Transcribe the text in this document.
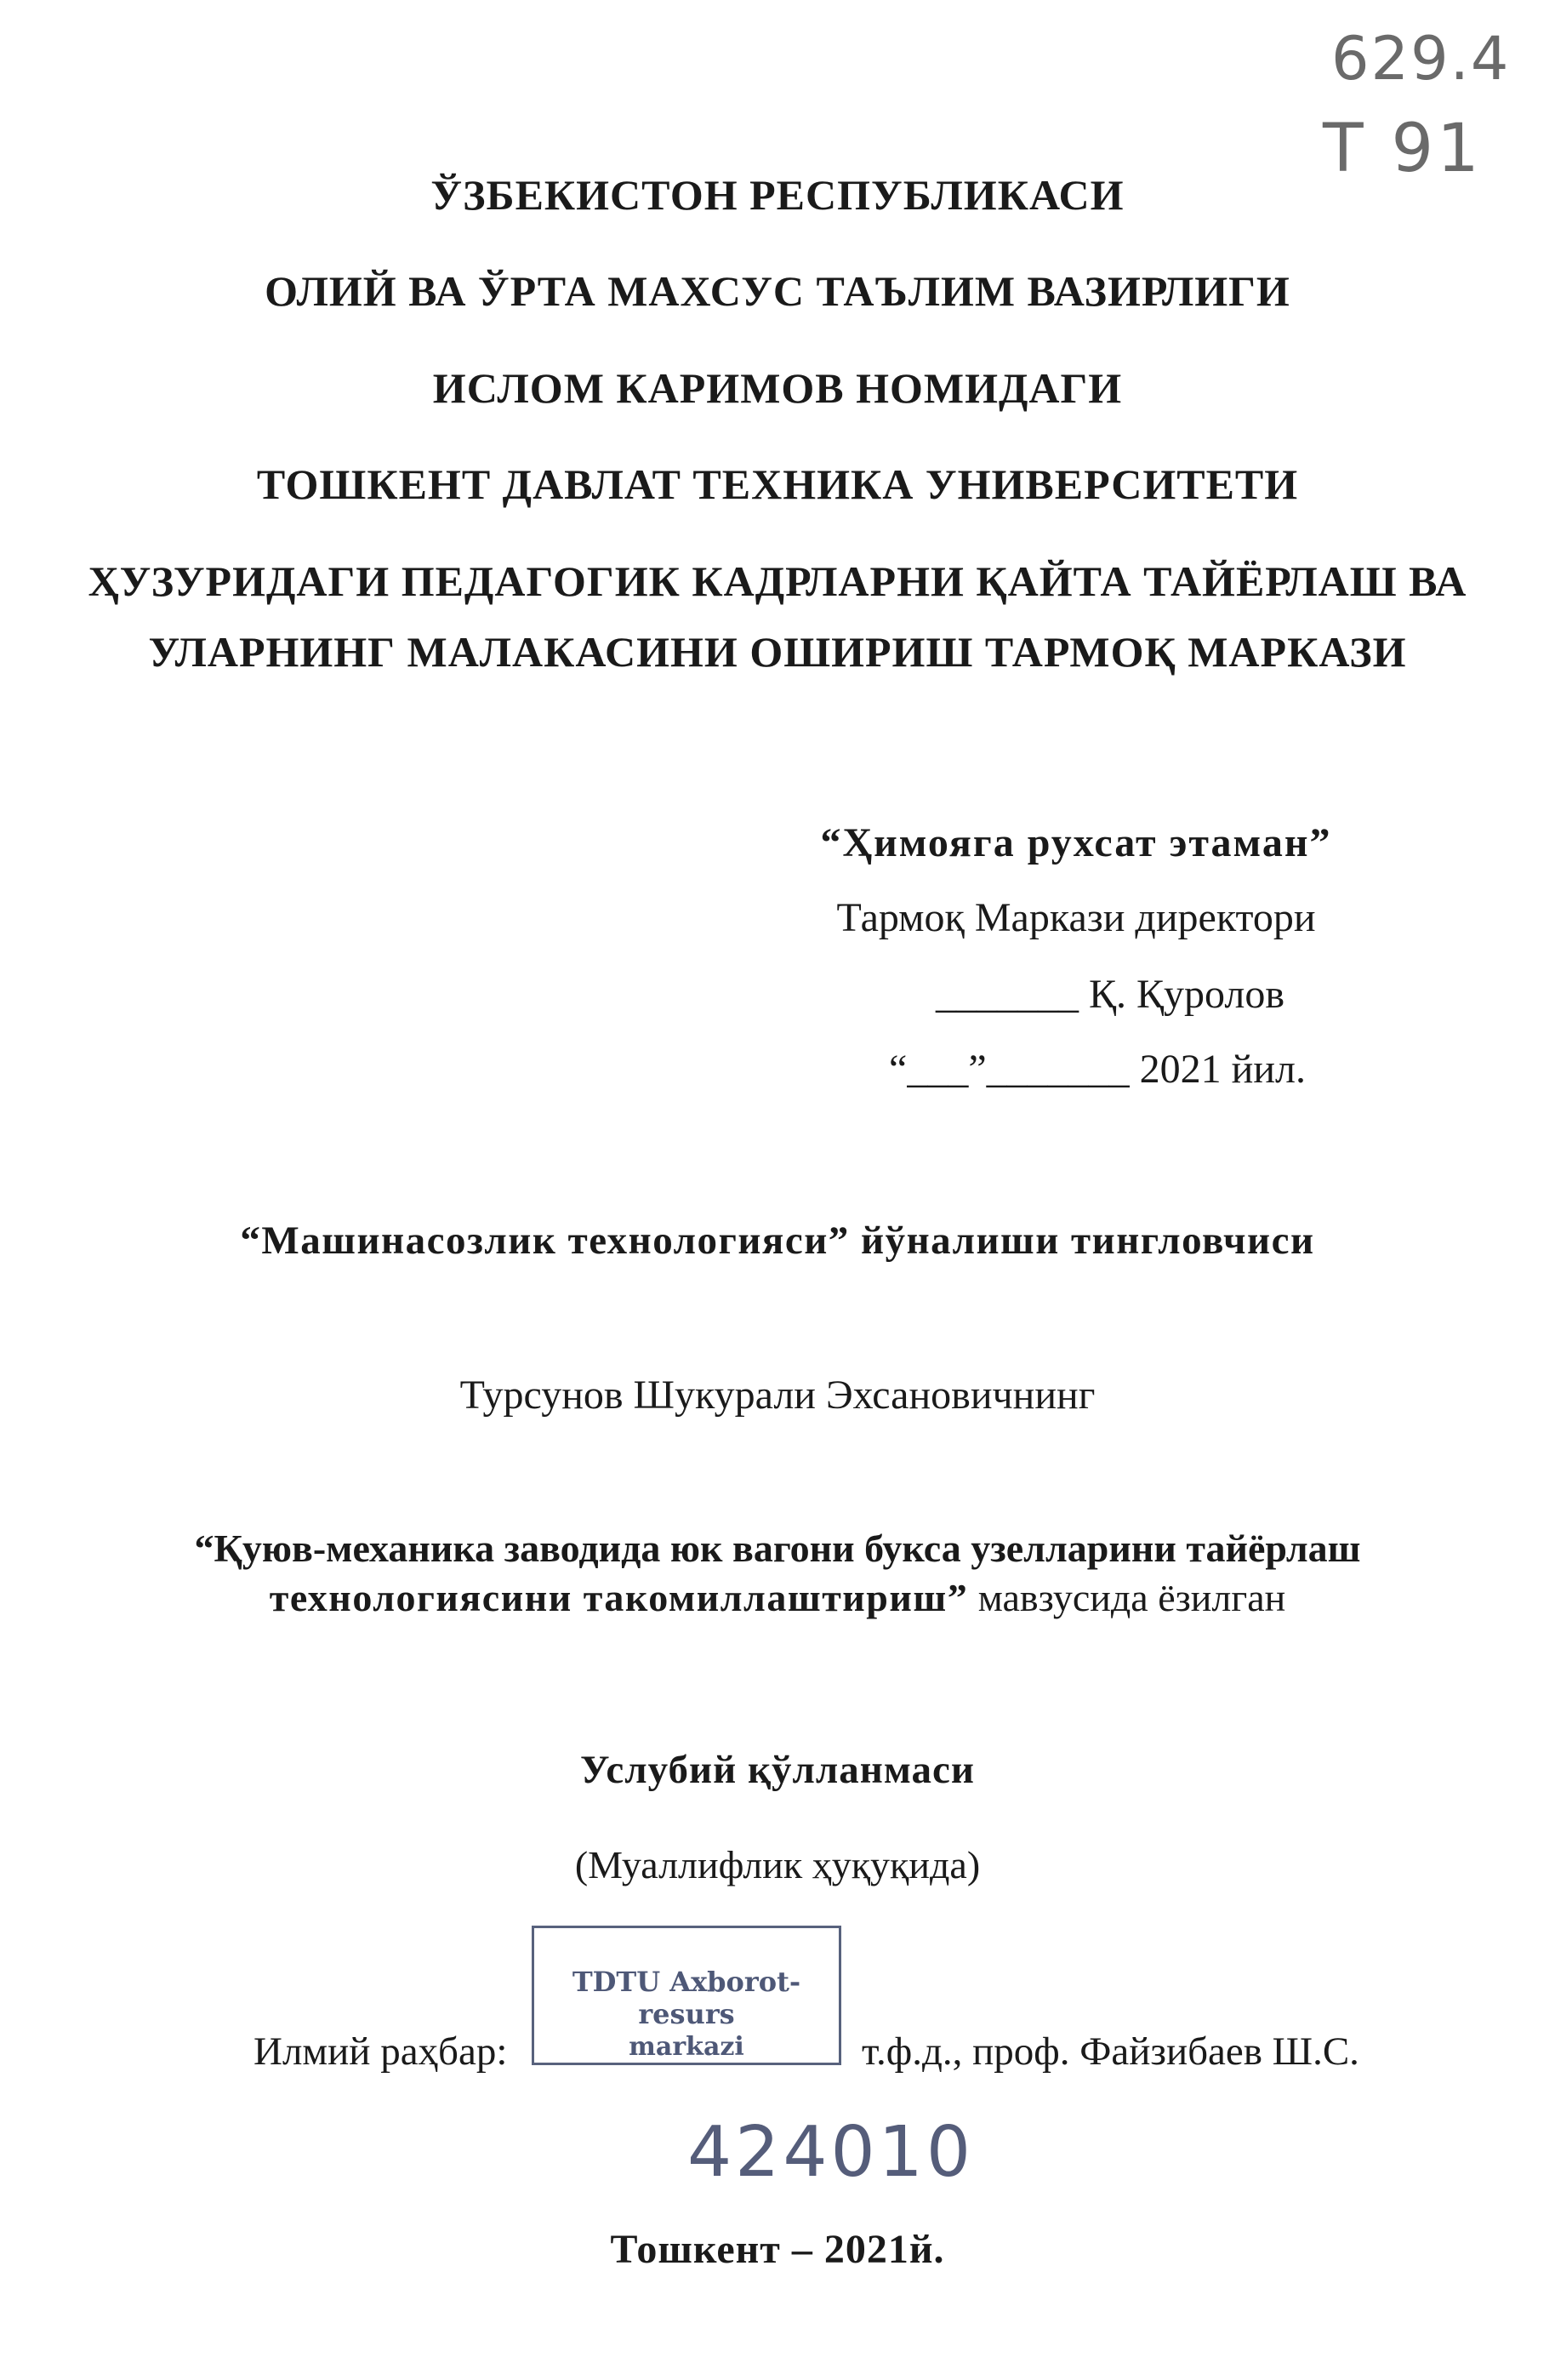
629.4
Т 91
ЎЗБЕКИСТОН РЕСПУБЛИКАСИ
ОЛИЙ ВА ЎРТА МАХСУС ТАЪЛИМ ВАЗИРЛИГИ
ИСЛОМ КАРИМОВ НОМИДАГИ
ТОШКЕНТ ДАВЛАТ ТЕХНИКА УНИВЕРСИТЕТИ
ҲУЗУРИДАГИ ПЕДАГОГИК КАДРЛАРНИ ҚАЙТА ТАЙЁРЛАШ ВА
УЛАРНИНГ МАЛАКАСИНИ ОШИРИШ ТАРМОҚ МАРКАЗИ
“Ҳимояга рухсат этаман”
Тармоқ Маркази директори
_______ Қ. Қуролов
“___”_______ 2021 йил.
“Машинасозлик технологияси” йўналиши тингловчиси
Турсунов Шукурали Эхсановичнинг
“Қуюв-механика заводида юк вагони букса узелларини тайёрлаш
технологиясини такомиллаштириш” мавзусида ёзилган
Услубий қўлланмаси
(Муаллифлик ҳуқуқида)
TDTU Axborot-resurs
markazi
Илмий раҳбар:	т.ф.д., проф. Файзибаев Ш.С.
424010
Тошкент – 2021й.
